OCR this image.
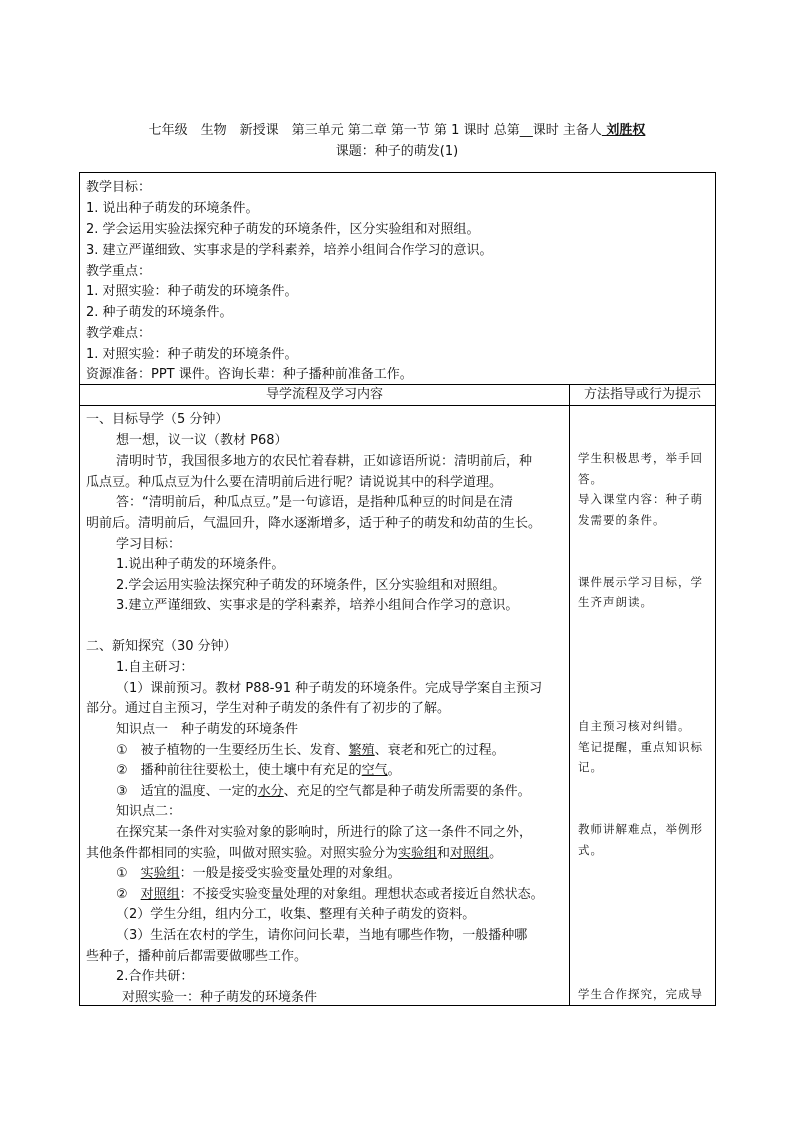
七年级　生物　新授课　第三单元 第二章 第一节 第 1 课时 总第__课时 主备人 刘胜权
课题：种子的萌发(1)
教学目标：
1. 说出种子萌发的环境条件。
2. 学会运用实验法探究种子萌发的环境条件，区分实验组和对照组。
3. 建立严谨细致、实事求是的学科素养，培养小组间合作学习的意识。
教学重点：
1. 对照实验：种子萌发的环境条件。
2. 种子萌发的环境条件。
教学难点：
1. 对照实验：种子萌发的环境条件。
资源准备：PPT 课件。咨询长辈：种子播种前准备工作。
导学流程及学习内容	方法指导或行为提示
一、目标导学（5 分钟）
想一想，议一议（教材 P68）
清明时节，我国很多地方的农民忙着春耕，正如谚语所说：清明前后，种
瓜点豆。种瓜点豆为什么要在清明前后进行呢？请说说其中的科学道理。
答：“清明前后，种瓜点豆。”是一句谚语，是指种瓜种豆的时间是在清
明前后。清明前后，气温回升，降水逐渐增多，适于种子的萌发和幼苗的生长。
学习目标：
1.说出种子萌发的环境条件。
2.学会运用实验法探究种子萌发的环境条件，区分实验组和对照组。
3.建立严谨细致、实事求是的学科素养，培养小组间合作学习的意识。
二、新知探究（30 分钟）
1.自主研习：
（1）课前预习。教材 P88-91 种子萌发的环境条件。完成导学案自主预习
部分。通过自主预习，学生对种子萌发的条件有了初步的了解。
知识点一　种子萌发的环境条件
①　被子植物的一生要经历生长、发育、繁殖、衰老和死亡的过程。
②　播种前往往要松土，使土壤中有充足的空气。
③　适宜的温度、一定的水分、充足的空气都是种子萌发所需要的条件。
知识点二：
在探究某一条件对实验对象的影响时，所进行的除了这一条件不同之外，
其他条件都相同的实验，叫做对照实验。对照实验分为实验组和对照组。
①　实验组：一般是接受实验变量处理的对象组。
②　对照组：不接受实验变量处理的对象组。理想状态或者接近自然状态。
（2）学生分组，组内分工，收集、整理有关种子萌发的资料。
（3）生活在农村的学生，请你问问长辈，当地有哪些作物，一般播种哪
些种子，播种前后都需要做哪些工作。
2.合作共研：
对照实验一：种子萌发的环境条件
学生积极思考，举手回
答。
导入课堂内容：种子萌
发需要的条件。
课件展示学习目标，学
生齐声朗读。
自主预习核对纠错。
笔记提醒，重点知识标
记。
教师讲解难点，举例形
式。
学生合作探究，完成导
